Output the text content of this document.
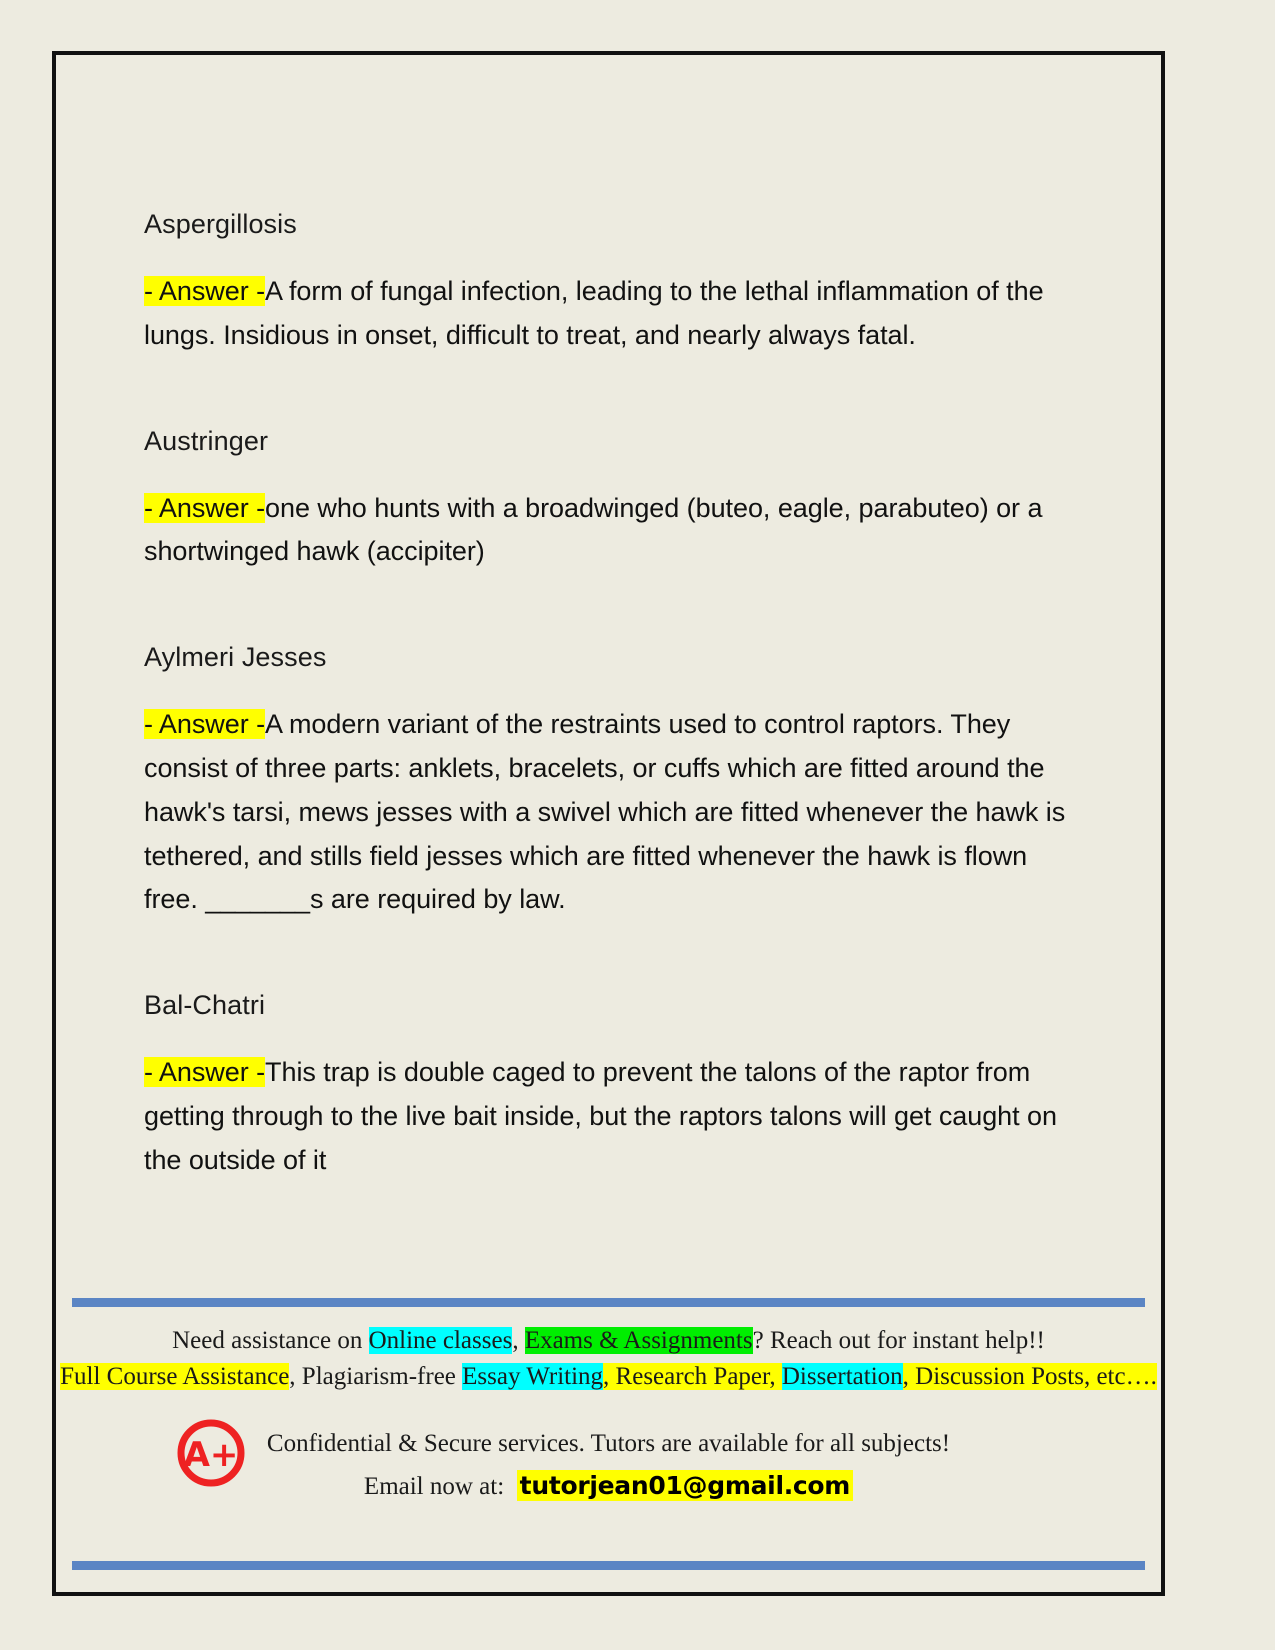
Aspergillosis

- Answer -A form of fungal infection, leading to the lethal inflammation of the lungs. Insidious in onset, difficult to treat, and nearly always fatal.

Austringer

- Answer -one who hunts with a broadwinged (buteo, eagle, parabuteo) or a shortwinged hawk (accipiter)

Aylmeri Jesses

- Answer -A modern variant of the restraints used to control raptors. They consist of three parts: anklets, bracelets, or cuffs which are fitted around the hawk's tarsi, mews jesses with a swivel which are fitted whenever the hawk is tethered, and stills field jesses which are fitted whenever the hawk is flown free. _______s are required by law.

Bal-Chatri

- Answer -This trap is double caged to prevent the talons of the raptor from getting through to the live bait inside, but the raptors talons will get caught on the outside of it

Need assistance on Online classes, Exams & Assignments? Reach out for instant help!!
Full Course Assistance, Plagiarism-free Essay Writing, Research Paper, Dissertation, Discussion Posts, etc….
A+	Confidential & Secure services. Tutors are available for all subjects!
Email now at: tutorjean01@gmail.com
